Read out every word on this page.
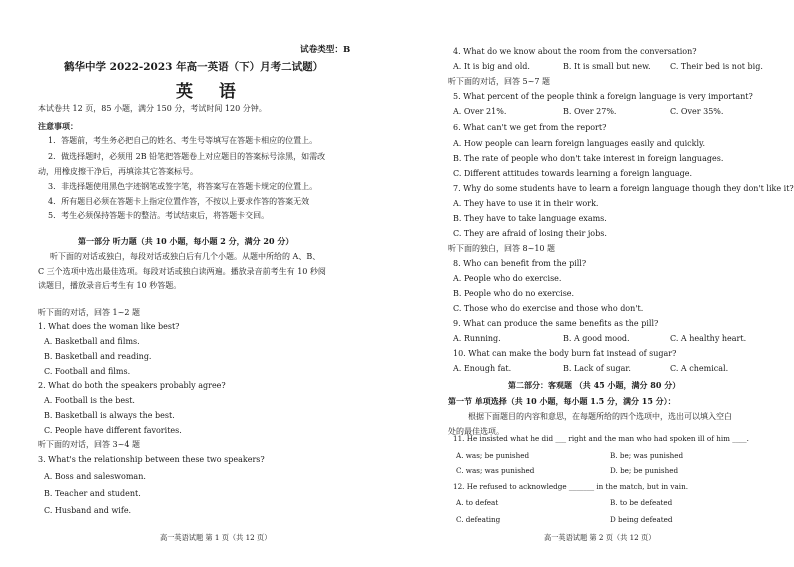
试卷类型：B
鹤华中学 2022-2023 年高一英语（下）月考二试题）
英 语
本试卷共 12 页，85 小题，满分 150 分，考试时间 120 分钟。
注意事项：
1．答题前，考生务必把自己的姓名、考生号等填写在答题卡相应的位置上。
2．做选择题时，必须用 2B 铅笔把答题卷上对应题目的答案标号涂黑，如需改
动，用橡皮擦干净后，再填涂其它答案标号。
3．非选择题使用黑色字迹钢笔或签字笔，将答案写在答题卡规定的位置上。
4．所有题目必须在答题卡上指定位置作答，不按以上要求作答的答案无效
5．考生必须保持答题卡的整洁。考试结束后，将答题卡交回。
第一部分 听力题（共 10 小题，每小题 2 分，满分 20 分）
听下面的对话或独白，每段对话或独白后有几个小题。从题中所给的 A、B、
C 三个选项中选出最佳选项。每段对话或独白读两遍。播放录音前考生有 10 秒阅
读题目，播放录音后考生有 10 秒答题。
听下面的对话，回答 1~2 题
1. What does the woman like best?
A. Basketball and films.
B. Basketball and reading.
C. Football and films.
2. What do both the speakers probably agree?
A. Football is the best.
B. Basketball is always the best.
C. People have different favorites.
听下面的对话，回答 3~4 题
3. What's the relationship between these two speakers?
A. Boss and saleswoman.
B. Teacher and student.
C. Husband and wife.
高一英语试题 第 1 页（共 12 页）
4. What do we know about the room from the conversation?
A. It is big and old.	B. It is small but new. C. Their bed is not big.
听下面的对话，回答 5~7 题
5. What percent of the people think a foreign language is very important?
A. Over 21%.	B. Over 27%.	C. Over 35%.
6. What can't we get from the report?
A. How people can learn foreign languages easily and quickly.
B. The rate of people who don't take interest in foreign languages.
C. Different attitudes towards learning a foreign language.
7. Why do some students have to learn a foreign language though they don't like it?
A. They have to use it in their work.
B. They have to take language exams.
C. They are afraid of losing their jobs.
听下面的独白，回答 8~10 题
8. Who can benefit from the pill?
A. People who do exercise.
B. People who do no exercise.
C. Those who do exercise and those who don't.
9. What can produce the same benefits as the pill?
A. Running.	B. A good mood.	C. A healthy heart.
10. What can make the body burn fat instead of sugar?
A. Enough fat.	B. Lack of sugar.	C. A chemical.
第二部分：客观题 （共 45 小题，满分 80 分）
第一节 单项选择（共 10 小题，每小题 1.5 分，满分 15 分）：
根据下面题目的内容和意思，在每题所给的四个选项中，选出可以填入空白
处的最佳选项。
11. He insisted what he did ___ right and the man who had spoken ill of him ____.
A. was; be punished	B. be; was punished
C. was; was punished	D. be; be punished
12. He refused to acknowledge _______ in the match, but in vain.
A. to defeat	B. to be defeated
C. defeating	D being defeated
高一英语试题 第 2 页（共 12 页）
